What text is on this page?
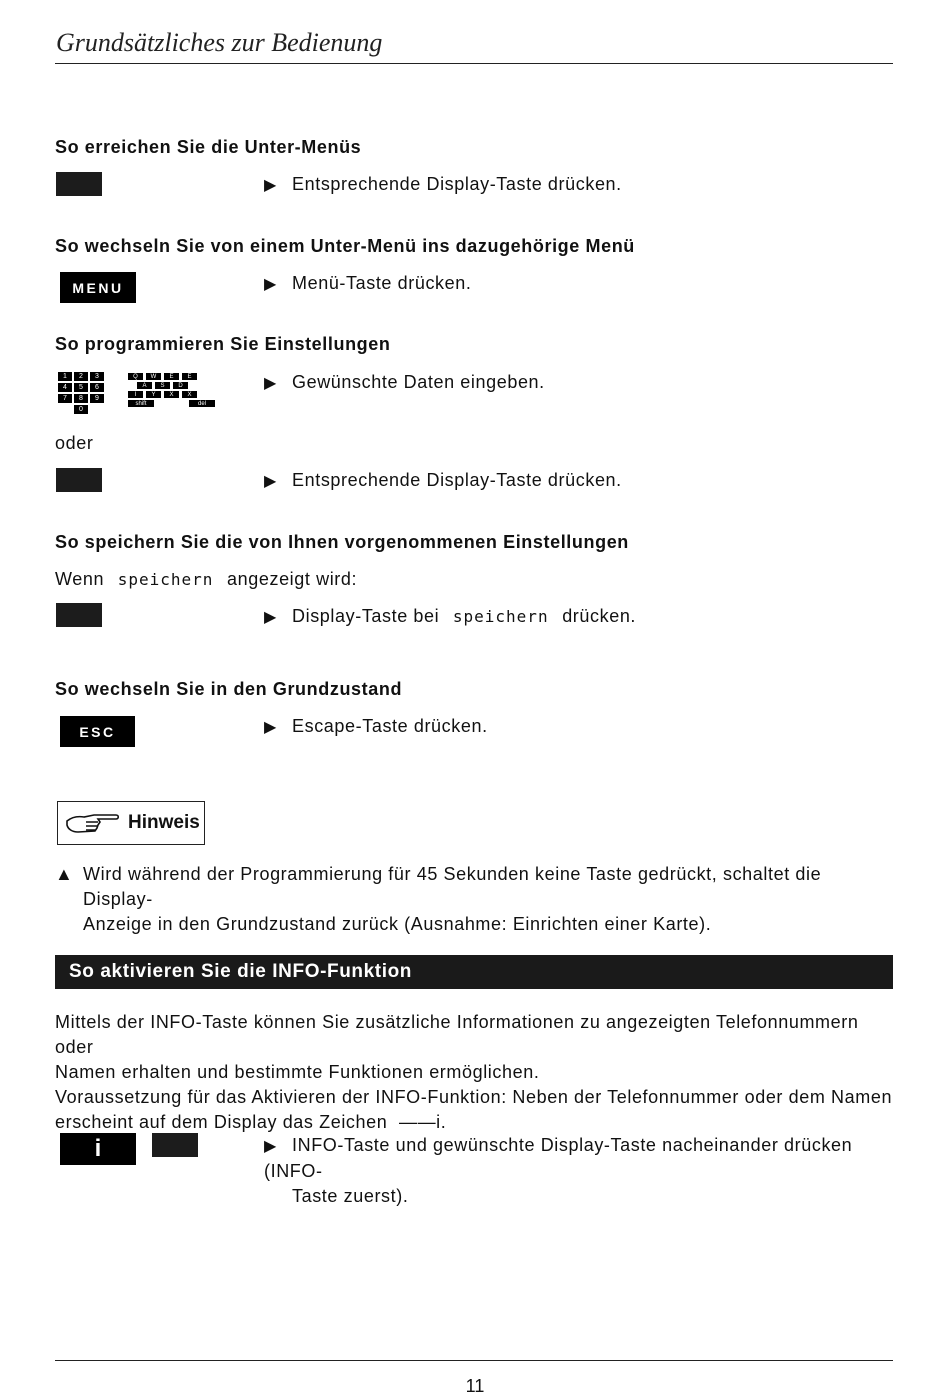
Grundsätzliches zur Bedienung
So erreichen Sie die Unter-Menüs
▶ Entsprechende Display-Taste drücken.
So wechseln Sie von einem Unter-Menü ins dazugehörige Menü
MENU	▶ Menü-Taste drücken.
So programmieren Sie Einstellungen
1	2	3
4	5	6
7	8	9
0
Q	W	E	E
A	S	D
I	Y	X	X
shift	del
▶ Gewünschte Daten eingeben.
oder
▶ Entsprechende Display-Taste drücken.
So speichern Sie die von Ihnen vorgenommenen Einstellungen
Wenn speichern angezeigt wird:
▶ Display-Taste bei speichern drücken.
So wechseln Sie in den Grundzustand
ESC	▶ Escape-Taste drücken.
Hinweis
▲ Wird während der Programmierung für 45 Sekunden keine Taste gedrückt, schaltet die Display-
Anzeige in den Grundzustand zurück (Ausnahme: Einrichten einer Karte).
So aktivieren Sie die INFO-Funktion
Mittels der INFO-Taste können Sie zusätzliche Informationen zu angezeigten Telefonnummern oder
Namen erhalten und bestimmte Funktionen ermöglichen.
Voraussetzung für das Aktivieren der INFO-Funktion: Neben der Telefonnummer oder dem Namen
erscheint auf dem Display das Zeichen ——i.
i	▶ INFO-Taste und gewünschte Display-Taste nacheinander drücken (INFO-
Taste zuerst).
11
